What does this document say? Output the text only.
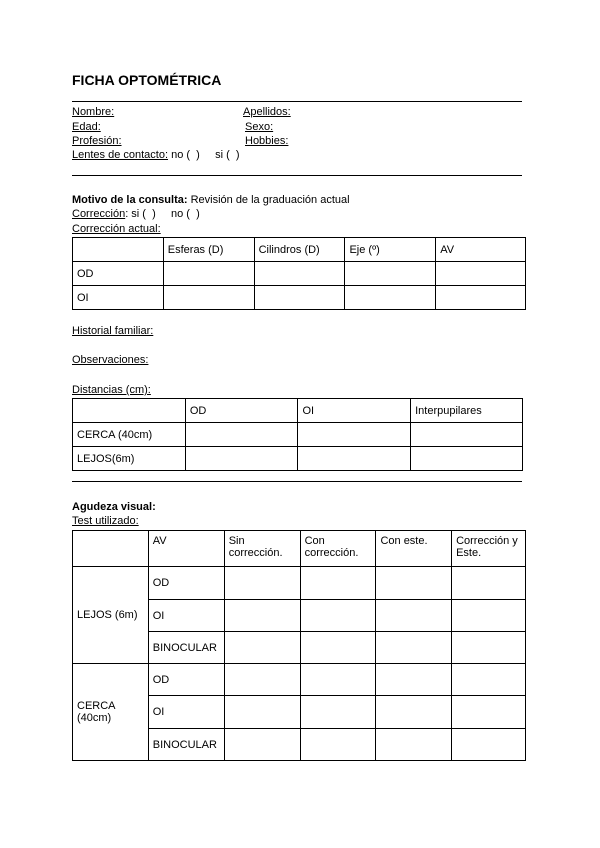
FICHA OPTOMÉTRICA
Nombre:	Apellidos:
Edad:	Sexo:
Profesión:	Hobbies:
Lentes de contacto: no (  )     si (  )
Motivo de la consulta: Revisión de la graduación actual
Corrección: si (  )     no (  )
Corrección actual:
	Esferas (D)	Cilindros (D)	Eje (º)	AV
OD				
OI				
Historial familiar:
Observaciones:
Distancias (cm):
	OD	OI	Interpupilares
CERCA (40cm)			
LEJOS(6m)			
Agudeza visual:
Test utilizado:
	AV	Sin corrección.	Con corrección.	Con este.	Corrección y Este.
LEJOS (6m)	OD				
	OI				
	BINOCULAR				
CERCA (40cm)	OD				
	OI				
	BINOCULAR				
